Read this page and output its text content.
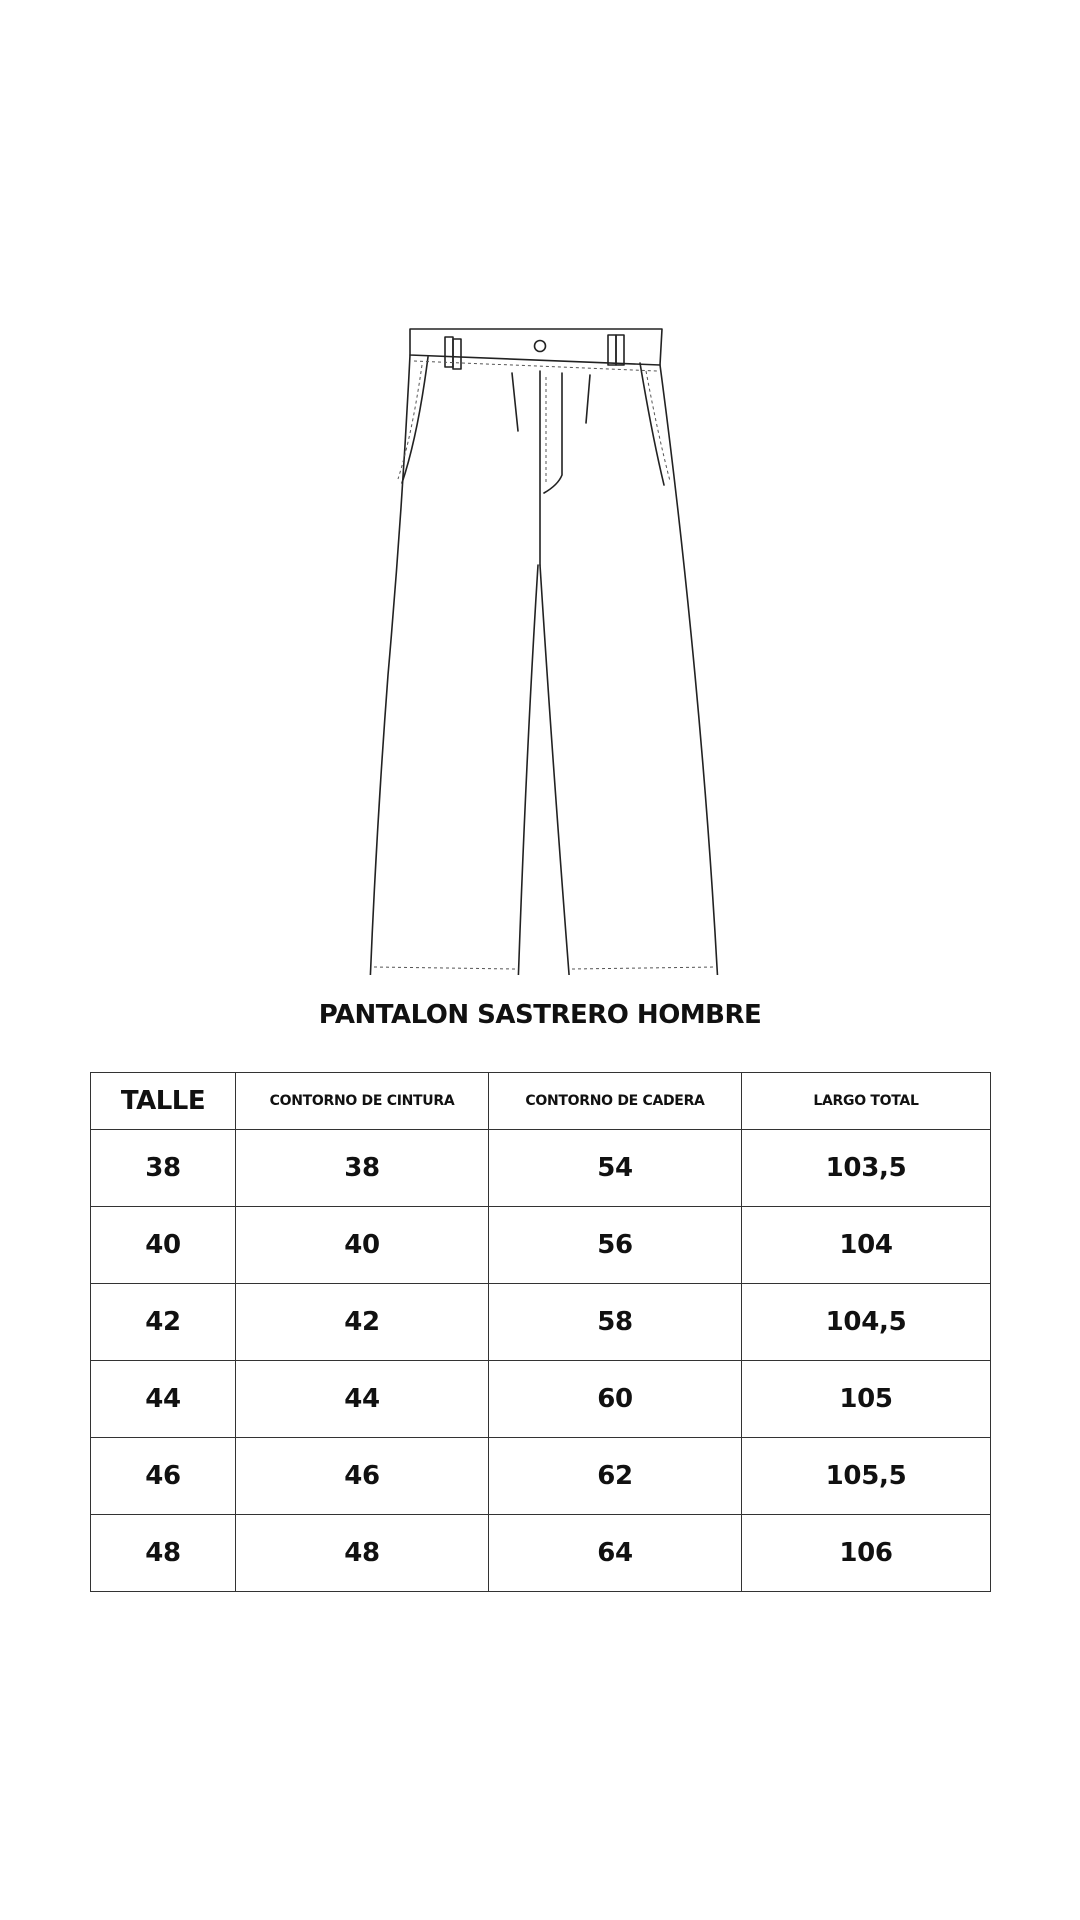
PANTALON SASTRERO HOMBRE
TALLE	CONTORNO DE CINTURA	CONTORNO DE CADERA	LARGO TOTAL
38	38	54	103,5
40	40	56	104
42	42	58	104,5
44	44	60	105
46	46	62	105,5
48	48	64	106
